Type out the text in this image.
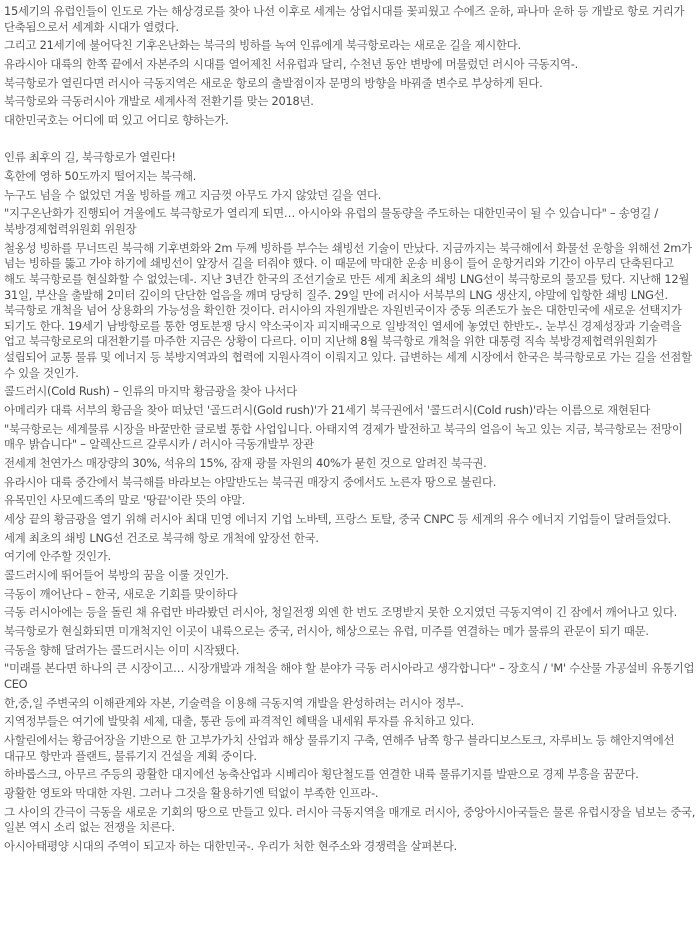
15세기의 유럽인들이 인도로 가는 해상경로를 찾아 나선 이후로 세계는 상업시대를 꽃피웠고 수에즈 운하, 파나마 운하 등 개발로 항로 거리가 단축됨으로서 세계화 시대가 열렸다.

그리고 21세기에 불어닥친 기후온난화는 북극의 빙하를 녹여 인류에게 북극항로라는 새로운 길을 제시한다.

유라시아 대륙의 한쪽 끝에서 자본주의 시대를 열어제친 서유럽과 달리, 수천년 동안 변방에 머물렀던 러시아 극동지역-.

북극항로가 열린다면 러시아 극동지역은 새로운 항로의 출발점이자 문명의 방향을 바꿔줄 변수로 부상하게 된다.

북극항로와 극동러시아 개발로 세계사적 전환기를 맞는 2018년.

대한민국호는 어디에 떠 있고 어디로 향하는가.

인류 최후의 길, 북극항로가 열린다!

혹한에 영하 50도까지 떨어지는 북극해.

누구도 넘을 수 없었던 겨울 빙하를 깨고 지금껏 아무도 가지 않았던 길을 연다.

"지구온난화가 진행되어 겨울에도 북극항로가 열리게 되면… 아시아와 유럽의 물동량을 주도하는 대한민국이 될 수 있습니다" – 송영길 / 북방경제협력위원회 위원장

철옹성 빙하를 무너뜨린 북극해 기후변화와 2m 두께 빙하를 부수는 쇄빙선 기술이 만났다. 지금까지는 북극해에서 화물선 운항을 위해선 2m가 넘는 빙하를 뚫고 가야 하기에 쇄빙선이 앞장서 길을 터줘야 했다. 이 때문에 막대한 운송 비용이 들어 운항거리와 기간이 아무리 단축된다고 해도 북극항로를 현실화할 수 없었는데-. 지난 3년간 한국의 조선기술로 만든 세계 최초의 쇄빙 LNG선이 북극항로의 물꼬를 텄다. 지난해 12월 31일, 부산을 출발해 2미터 깊이의 단단한 얼음을 깨며 당당히 질주. 29일 만에 러시아 서북부의 LNG 생산지, 야말에 입항한 쇄빙 LNG선. 북극항로 개척을 넘어 상용화의 가능성을 확인한 것이다. 러시아의 자원개발은 자원빈국이자 중동 의존도가 높은 대한민국에 새로운 선택지가 되기도 한다. 19세기 남방항로를 통한 영토분쟁 당시 약소국이자 피지배국으로 일방적인 열세에 놓였던 한반도-. 눈부신 경제성장과 기술력을 업고 북극항로로의 대전환기를 마주한 지금은 상황이 다르다. 이미 지난해 8월 북극항로 개척을 위한 대통령 직속 북방경제협력위원회가 설립되어 교통 물류 및 에너지 등 북방지역과의 협력에 지원사격이 이뤄지고 있다. 급변하는 세계 시장에서 한국은 북극항로로 가는 길을 선점할 수 있을 것인가.

콜드러시(Cold Rush) – 인류의 마지막 황금광을 찾아 나서다

아메리카 대륙 서부의 황금을 찾아 떠났던 '골드러시(Gold rush)'가 21세기 북극권에서 '콜드러시(Cold rush)'라는 이름으로 재현된다

"북극항로는 세계물류 시장을 바꿀만한 글로벌 통합 사업입니다. 아태지역 경제가 발전하고 북극의 얼음이 녹고 있는 지금, 북극항로는 전망이 매우 밝습니다" – 알렉산드르 갈루시카 / 러시아 극동개발부 장관

전세계 천연가스 매장량의 30%, 석유의 15%, 잠재 광물 자원의 40%가 묻힌 것으로 알려진 북극권.

유라시아 대륙 중간에서 북극해를 바라보는 야말반도는 북극권 매장지 중에서도 노른자 땅으로 불린다.

유목민인 사모예드족의 말로 '땅끝'이란 뜻의 야말.

세상 끝의 황금광을 열기 위해 러시아 최대 민영 에너지 기업 노바텍, 프랑스 토탈, 중국 CNPC 등 세계의 유수 에너지 기업들이 달려들었다.

세계 최초의 쇄빙 LNG선 건조로 북극해 항로 개척에 앞장선 한국.

여기에 안주할 것인가.

콜드러시에 뛰어들어 북방의 꿈을 이룰 것인가.

극동이 깨어난다 – 한국, 새로운 기회를 맞이하다

극동 러시아에는 등을 돌린 채 유럽만 바라봤던 러시아, 청일전쟁 외엔 한 번도 조명받지 못한 오지였던 극동지역이 긴 잠에서 깨어나고 있다.

북극항로가 현실화되면 미개척지인 이곳이 내륙으로는 중국, 러시아, 해상으로는 유럽, 미주를 연결하는 메가 물류의 관문이 되기 때문.

극동을 향해 달려가는 콜드러시는 이미 시작됐다.

"미래를 본다면 하나의 큰 시장이고… 시장개발과 개척을 해야 할 분야가 극동 러시아라고 생각합니다" – 장호식 / 'M' 수산물 가공설비 유통기업 CEO

한,중,일 주변국의 이해관계와 자본, 기술력을 이용해 극동지역 개발을 완성하려는 러시아 정부-.

지역정부들은 여기에 발맞춰 세제, 대출, 통관 등에 파격적인 혜택을 내세워 투자를 유치하고 있다.

사할린에서는 황금어장을 기반으로 한 고부가가치 산업과 해상 물류기지 구축, 연해주 남쪽 항구 블라디보스토크, 자루비노 등 해안지역에선 대규모 항만과 플랜트, 물류기지 건설을 계획 중이다.

하바롭스크, 아무르 주등의 광활한 대지에선 농축산업과 시베리아 횡단철도를 연결한 내륙 물류기지를 발판으로 경제 부흥을 꿈꾼다.

광활한 영토와 막대한 자원. 그러나 그것을 활용하기엔 턱없이 부족한 인프라-.

그 사이의 간극이 극동을 새로운 기회의 땅으로 만들고 있다. 러시아 극동지역을 매개로 러시아, 중앙아시아국들은 물론 유럽시장을 넘보는 중국, 일본 역시 소리 없는 전쟁을 치른다.

아시아태평양 시대의 주역이 되고자 하는 대한민국-. 우리가 처한 현주소와 경쟁력을 살펴본다.
